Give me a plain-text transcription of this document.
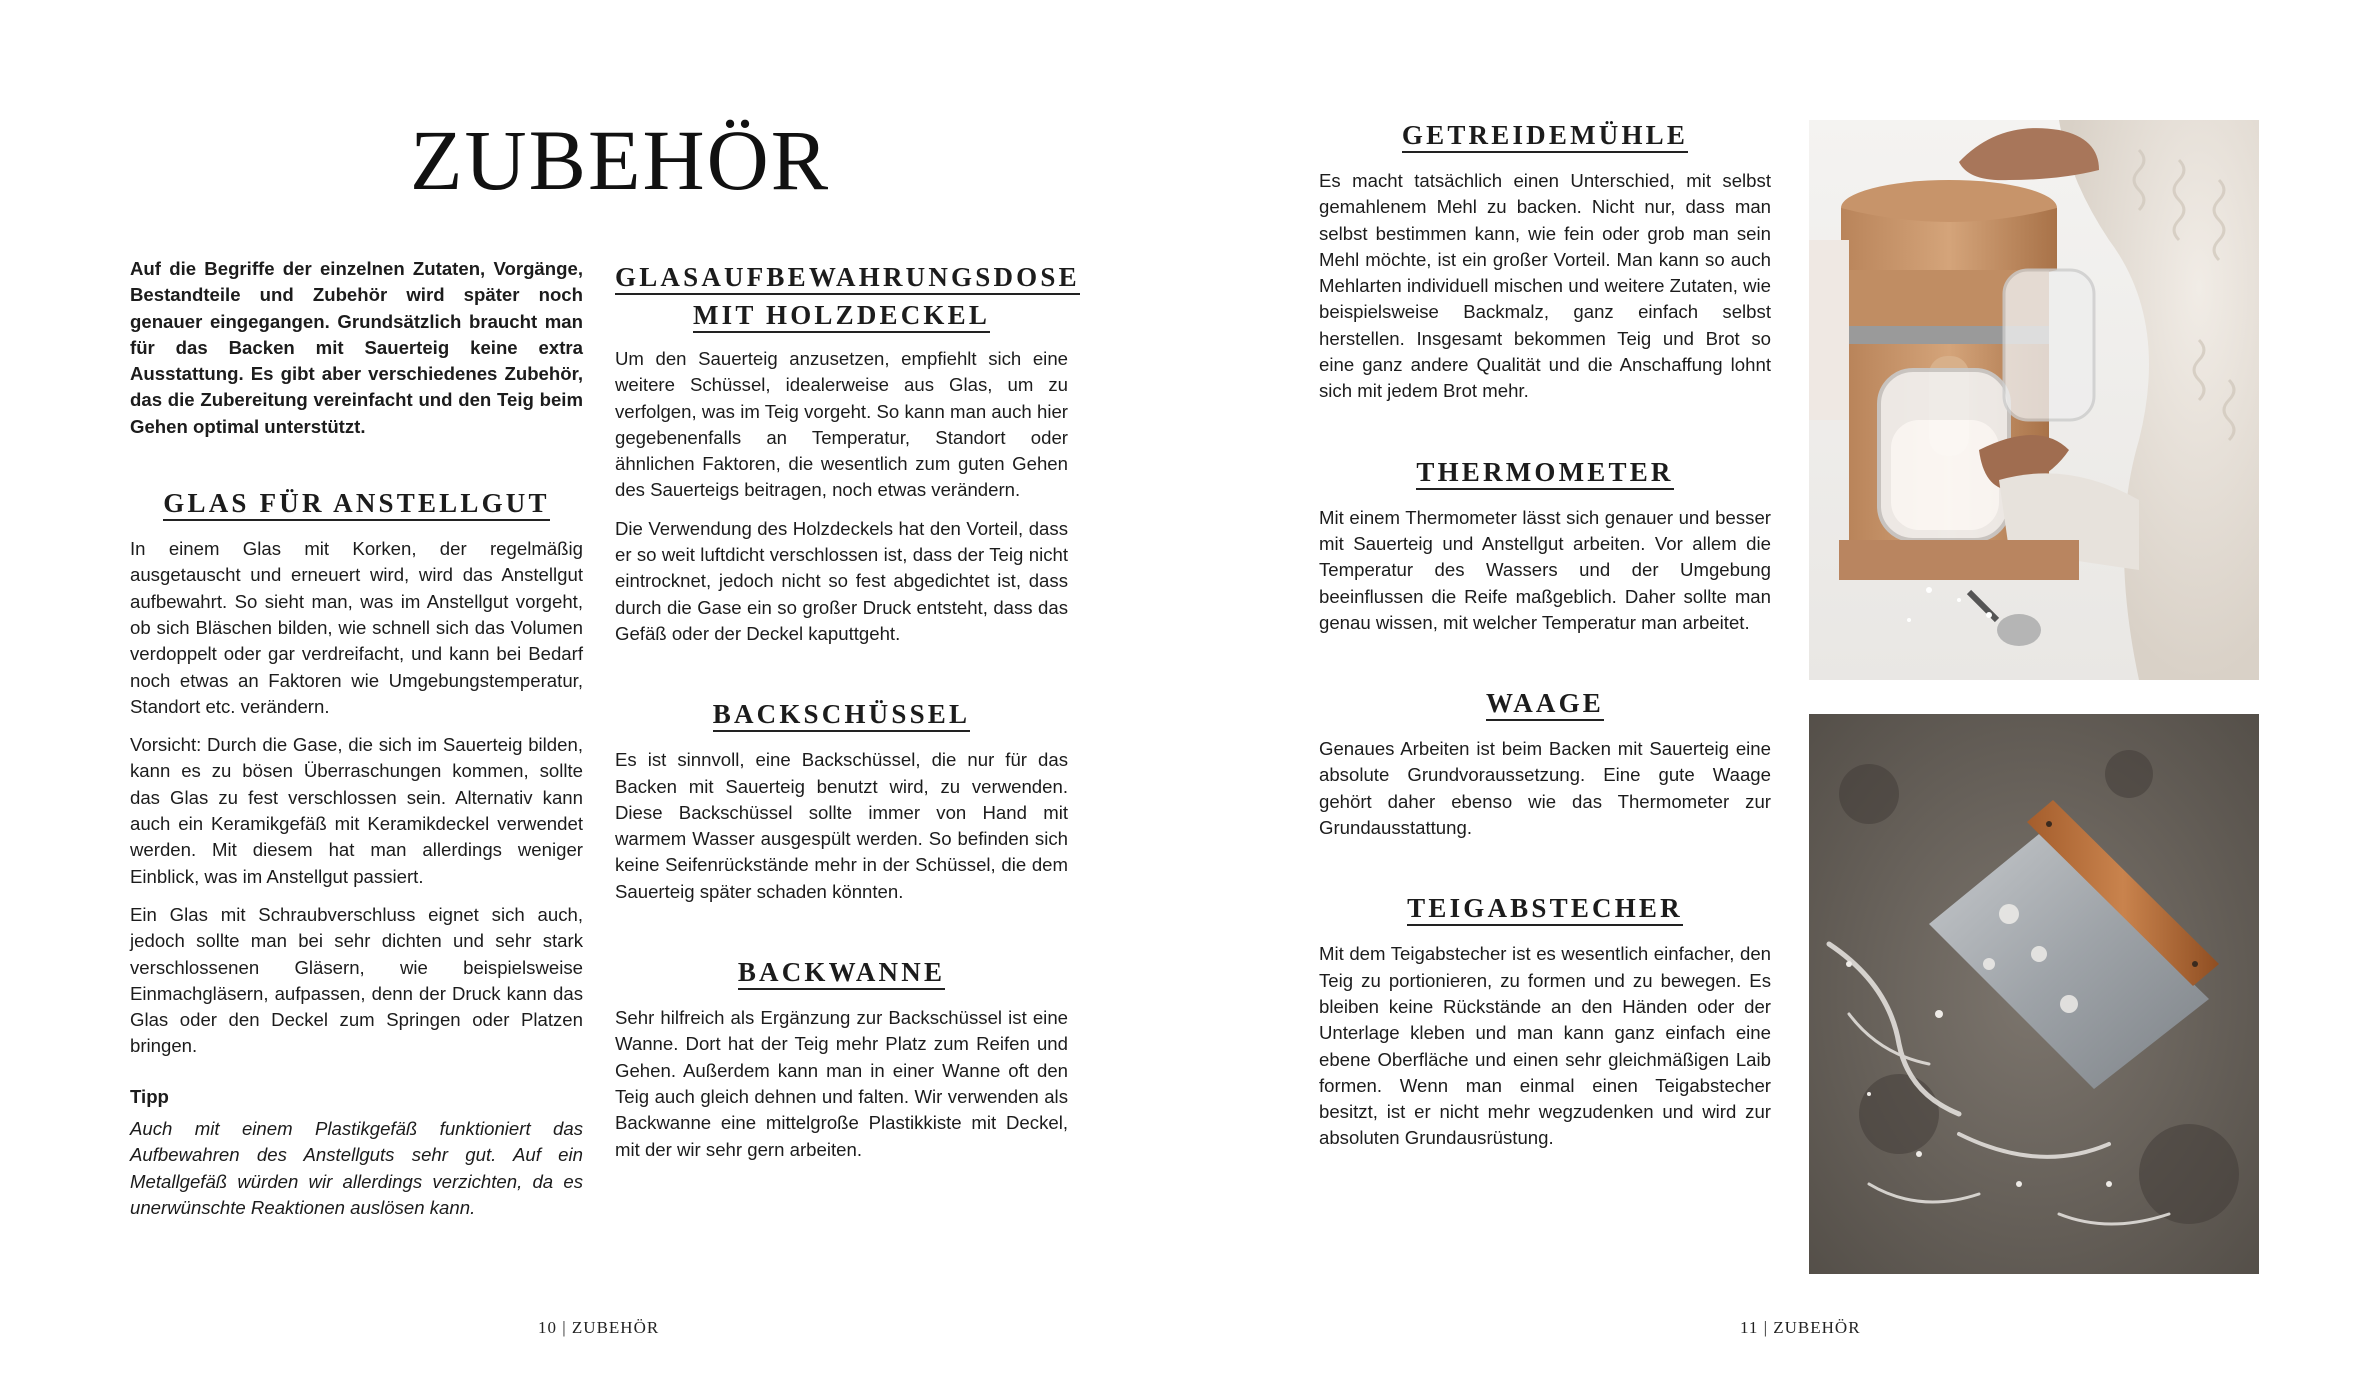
ZUBEHÖR

Auf die Begriffe der einzelnen Zutaten, Vorgänge, Bestandteile und Zubehör wird später noch genauer eingegangen. Grundsätzlich braucht man für das Backen mit Sauerteig keine extra Ausstattung. Es gibt aber verschiedenes Zubehör, das die Zubereitung vereinfacht und den Teig beim Gehen optimal unterstützt.

GLAS FÜR ANSTELLGUT

In einem Glas mit Korken, der regelmäßig ausgetauscht und erneuert wird, wird das Anstellgut aufbewahrt. So sieht man, was im Anstellgut vorgeht, ob sich Bläschen bilden, wie schnell sich das Volumen verdoppelt oder gar verdreifacht, und kann bei Bedarf noch etwas an Faktoren wie Umgebungstemperatur, Standort etc. verändern.

Vorsicht: Durch die Gase, die sich im Sauerteig bilden, kann es zu bösen Überraschungen kommen, sollte das Glas zu fest verschlossen sein. Alternativ kann auch ein Keramikgefäß mit Keramikdeckel verwendet werden. Mit diesem hat man allerdings weniger Einblick, was im Anstellgut passiert.

Ein Glas mit Schraubverschluss eignet sich auch, jedoch sollte man bei sehr dichten und sehr stark verschlossenen Gläsern, wie beispielsweise Einmachgläsern, aufpassen, denn der Druck kann das Glas oder den Deckel zum Springen oder Platzen bringen.

Tipp

Auch mit einem Plastikgefäß funktioniert das Aufbewahren des Anstellguts sehr gut. Auf ein Metallgefäß würden wir allerdings verzichten, da es unerwünschte Reaktionen auslösen kann.

GLASAUFBEWAHRUNGSDOSE
MIT HOLZDECKEL

Um den Sauerteig anzusetzen, empfiehlt sich eine weitere Schüssel, idealerweise aus Glas, um zu verfolgen, was im Teig vorgeht. So kann man auch hier gegebenenfalls an Temperatur, Standort oder ähnlichen Faktoren, die wesentlich zum guten Gehen des Sauerteigs beitragen, noch etwas verändern.

Die Verwendung des Holzdeckels hat den Vorteil, dass er so weit luftdicht verschlossen ist, dass der Teig nicht eintrocknet, jedoch nicht so fest abgedichtet ist, dass durch die Gase ein so großer Druck entsteht, dass das Gefäß oder der Deckel kaputtgeht.

BACKSCHÜSSEL

Es ist sinnvoll, eine Backschüssel, die nur für das Backen mit Sauerteig benutzt wird, zu verwenden. Diese Backschüssel sollte immer von Hand mit warmem Wasser ausgespült werden. So befinden sich keine Seifenrückstände mehr in der Schüssel, die dem Sauerteig später schaden könnten.

BACKWANNE

Sehr hilfreich als Ergänzung zur Backschüssel ist eine Wanne. Dort hat der Teig mehr Platz zum Reifen und Gehen. Außerdem kann man in einer Wanne oft den Teig auch gleich dehnen und falten. Wir verwenden als Backwanne eine mittelgroße Plastikkiste mit Deckel, mit der wir sehr gern arbeiten.

10 | ZUBEHÖR
GETREIDEMÜHLE

Es macht tatsächlich einen Unterschied, mit selbst gemahlenem Mehl zu backen. Nicht nur, dass man selbst bestimmen kann, wie fein oder grob man sein Mehl möchte, ist ein großer Vorteil. Man kann so auch Mehlarten individuell mischen und weitere Zutaten, wie beispielsweise Backmalz, ganz einfach selbst herstellen. Insgesamt bekommen Teig und Brot so eine ganz andere Qualität und die Anschaffung lohnt sich mit jedem Brot mehr.

THERMOMETER

Mit einem Thermometer lässt sich genauer und besser mit Sauerteig und Anstellgut arbeiten. Vor allem die Temperatur des Wassers und der Umgebung beeinflussen die Reife maßgeblich. Daher sollte man genau wissen, mit welcher Temperatur man arbeitet.

WAAGE

Genaues Arbeiten ist beim Backen mit Sauerteig eine absolute Grundvoraussetzung. Eine gute Waage gehört daher ebenso wie das Thermometer zur Grundausstattung.

TEIGABSTECHER

Mit dem Teigabstecher ist es wesentlich einfacher, den Teig zu portionieren, zu formen und zu bewegen. Es bleiben keine Rückstände an den Händen oder der Unterlage kleben und man kann ganz einfach eine ebene Oberfläche und einen sehr gleichmäßigen Laib formen. Wenn man einmal einen Teigabstecher besitzt, ist er nicht mehr wegzudenken und wird zur absoluten Grundausrüstung.

11 | ZUBEHÖR
